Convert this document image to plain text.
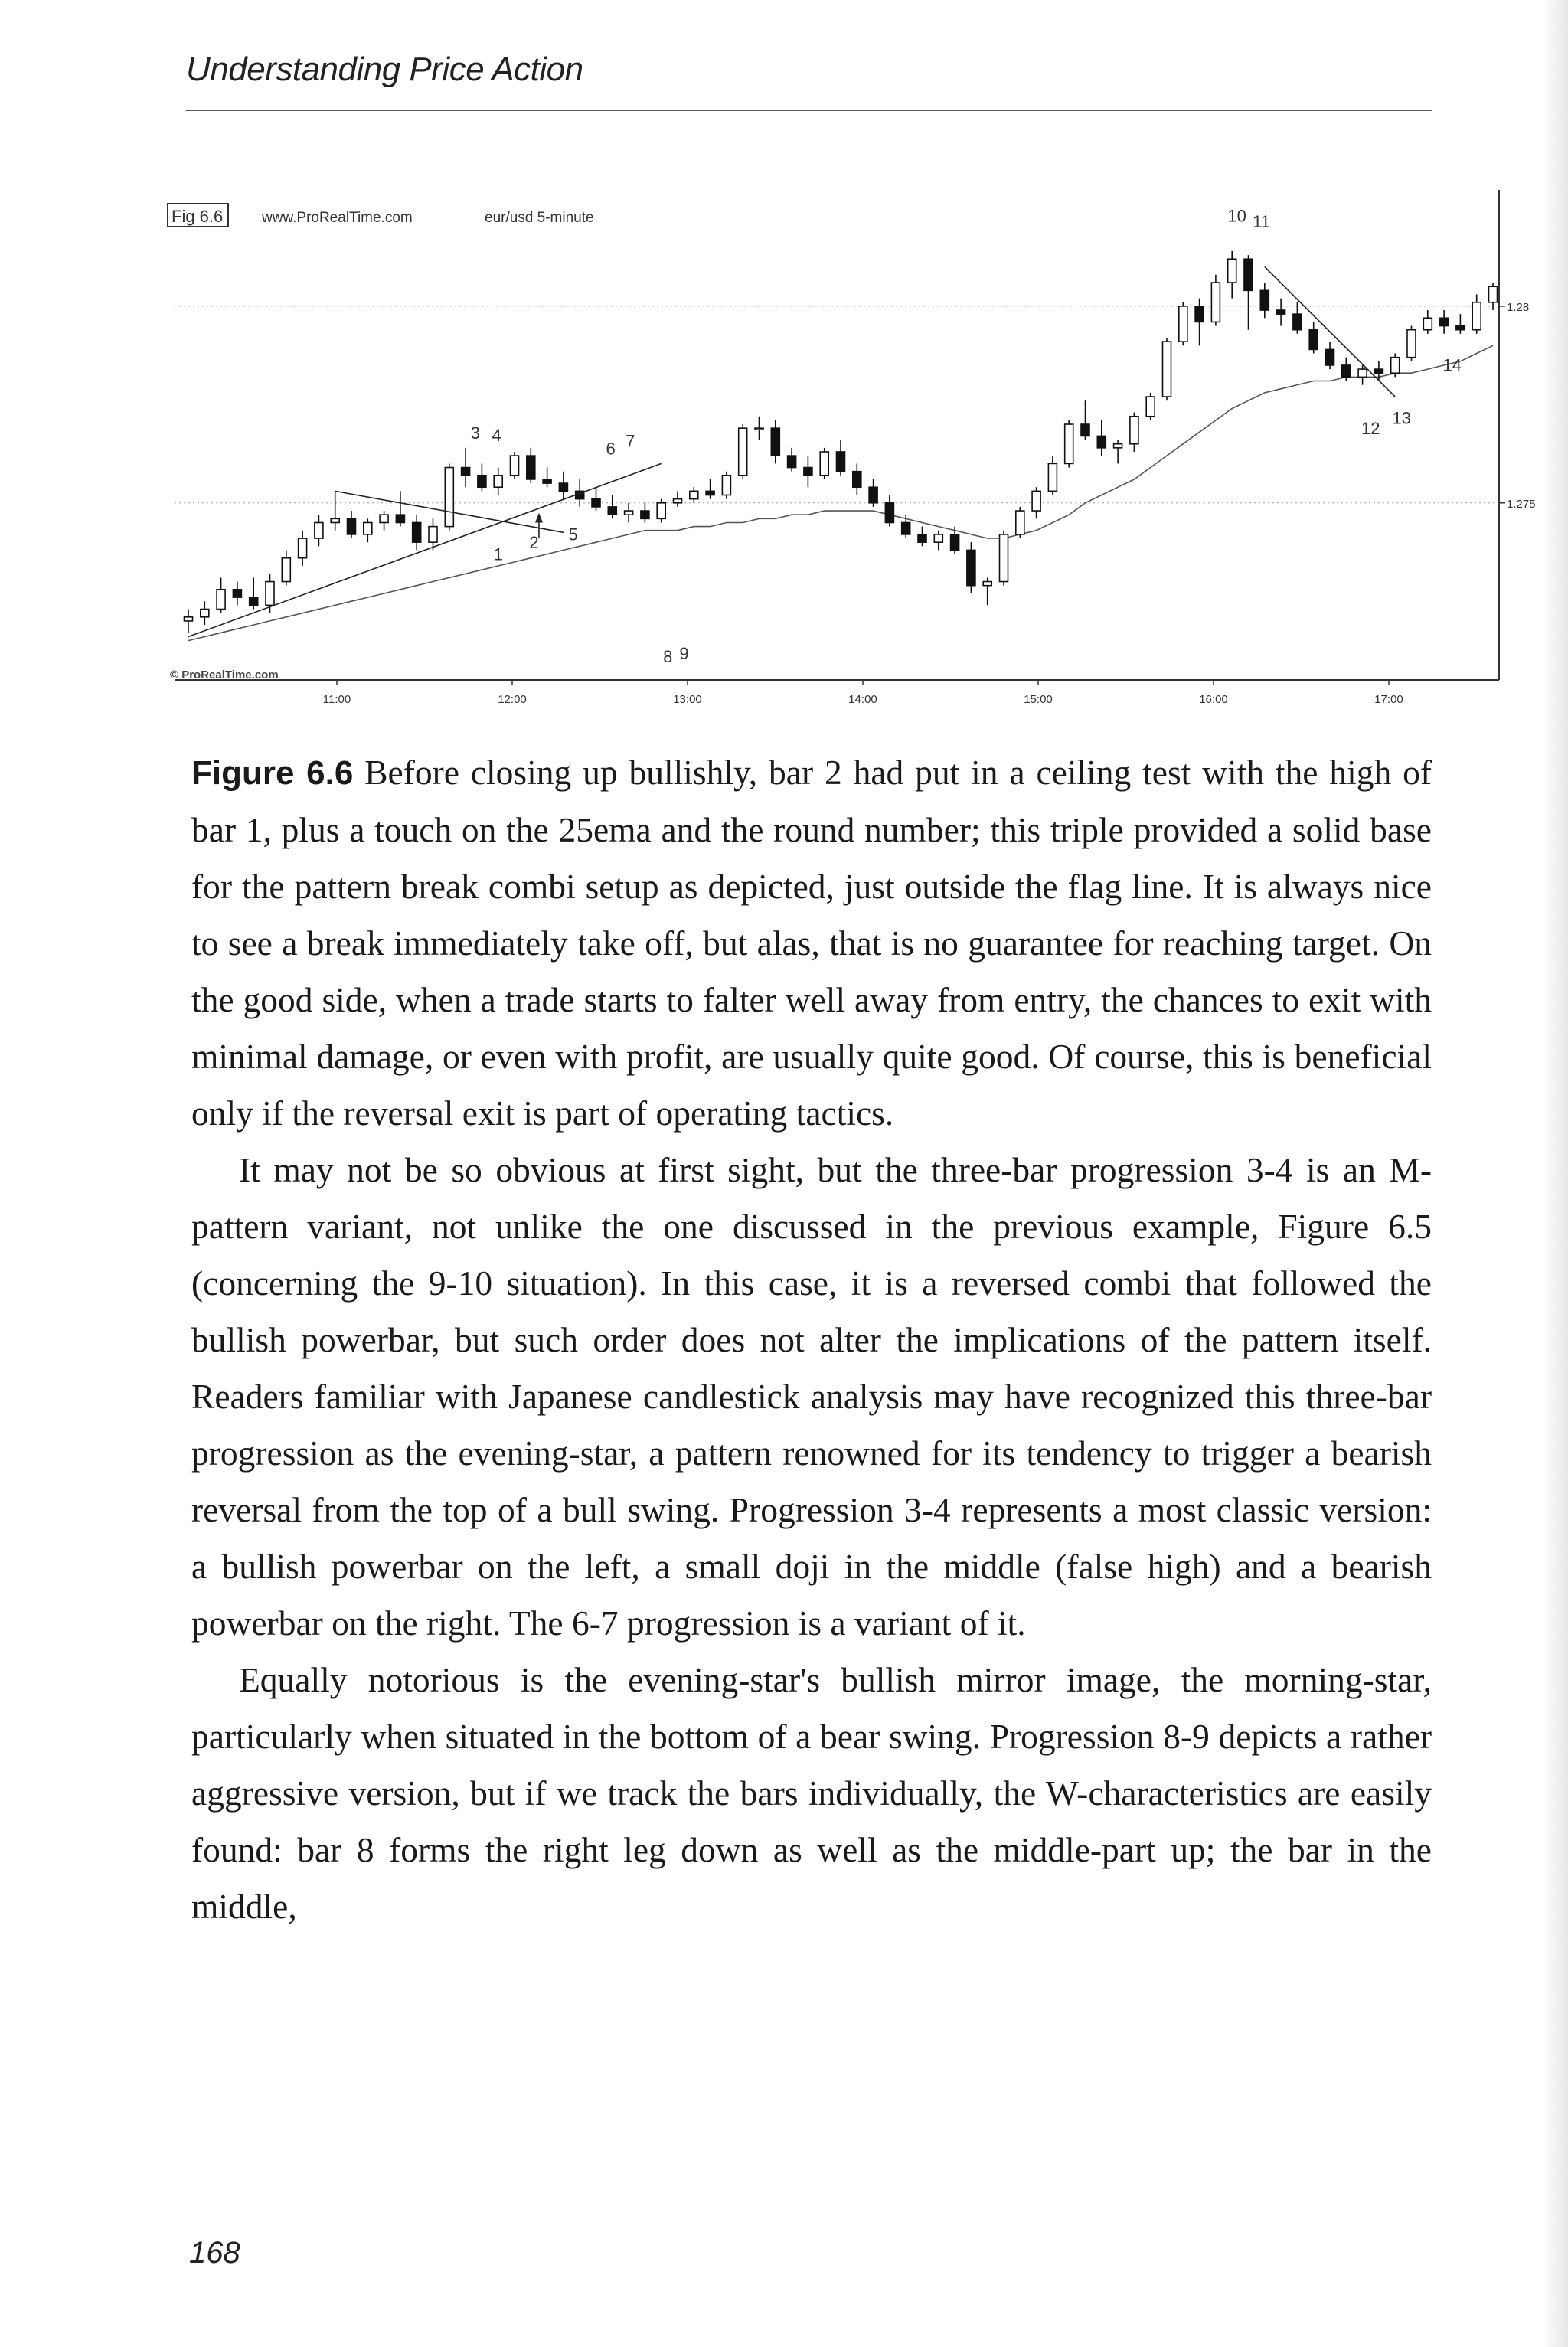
Understanding Price Action
1
2
3 4
5
6 7
8 9
10 11
12
13
14
1.275
1.28
11:00	12:00	13:00	14:00	15:00	16:00	17:00
Fig 6.6	www.ProRealTime.com	eur/usd 5-minute
© ProRealTime.com

Figure 6.6 Before closing up bullishly, bar 2 had put in a ceiling test with the high of bar 1, plus a touch on the 25ema and the round number; this triple provided a solid base for the pattern break combi setup as depicted, just outside the flag line. It is always nice to see a break immediately take off, but alas, that is no guarantee for reaching target. On the good side, when a trade starts to falter well away from entry, the chances to exit with minimal damage, or even with profit, are usually quite good. Of course, this is beneficial only if the reversal exit is part of operating tactics.

It may not be so obvious at first sight, but the three-bar progression 3-4 is an M-pattern variant, not unlike the one discussed in the previous example, Figure 6.5 (concerning the 9-10 situation). In this case, it is a reversed combi that followed the bullish powerbar, but such order does not alter the implications of the pattern itself. Readers familiar with Japanese candlestick analysis may have recognized this three-bar progression as the evening-star, a pattern renowned for its tendency to trigger a bearish reversal from the top of a bull swing. Progression 3-4 represents a most classic version: a bullish powerbar on the left, a small doji in the middle (false high) and a bearish powerbar on the right. The 6-7 progression is a variant of it.

Equally notorious is the evening-star's bullish mirror image, the morning-star, particularly when situated in the bottom of a bear swing. Progression 8-9 depicts a rather aggressive version, but if we track the bars individually, the W-characteristics are easily found: bar 8 forms the right leg down as well as the middle-part up; the bar in the middle,

168
